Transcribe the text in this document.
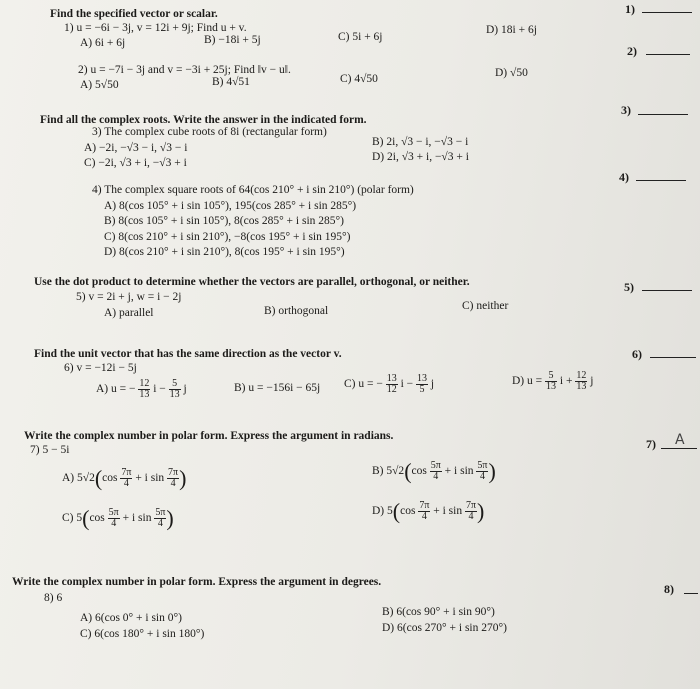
1)
2)
3)
4)
5)
6)
7) A
8)
Find the specified vector or scalar.
1) u = −6i − 3j, v = 12i + 9j; Find u + v.
A) 6i + 6j	B) −18i + 5j	C) 5i + 6j
D) 18i + 6j
2) u = −7i − 3j and v = −3i + 25j; Find ‖v − u‖.
A) 5√50	B) 4√51	C) 4√50	D) √50
Find all the complex roots. Write the answer in the indicated form.
3) The complex cube roots of 8i (rectangular form)
A) −2i, −√3 − i, √3 − i	B) 2i, √3 − i, −√3 − i
C) −2i, √3 + i, −√3 + i	D) 2i, √3 + i, −√3 + i
4) The complex square roots of 64(cos 210° + i sin 210°) (polar form)
A) 8(cos 105° + i sin 105°), 195(cos 285° + i sin 285°)
B) 8(cos 105° + i sin 105°), 8(cos 285° + i sin 285°)
C) 8(cos 210° + i sin 210°), −8(cos 195° + i sin 195°)
D) 8(cos 210° + i sin 210°), 8(cos 195° + i sin 195°)
Use the dot product to determine whether the vectors are parallel, orthogonal, or neither.
5) v = 2i + j, w = i − 2j
A) parallel	B) orthogonal	C) neither
Find the unit vector that has the same direction as the vector v.
6) v = −12i − 5j
A) u = − $\frac{12}{13}$ $i - \frac{5}{13}$ j	B) u = −156i − 65j C) u = − $\frac{13}{12}$ $i - \frac{13}{5}$ j	D) $u = \frac{5}{13}$ $i + \frac{12}{13}$ j
Write the complex number in polar form. Express the argument in radians.
7) 5 − 5i
A) $5√2(\cos \frac{7\pi}{4} + i$ $\sin \frac{7\pi}{4}$ )	B) $5√2(\cos \frac{5\pi}{4} + i$ $\sin \frac{5\pi}{4}$ )
C) $5(\cos \frac{5\pi}{4} + i$ $\sin \frac{5\pi}{4}$ )	D) $5(\cos \frac{7\pi}{4} + i$ $\sin \frac{7\pi}{4}$ )
Write the complex number in polar form. Express the argument in degrees.
8) 6
A) 6(cos 0° + i sin 0°)	B) 6(cos 90° + i sin 90°)
C) 6(cos 180° + i sin 180°)	D) 6(cos 270° + i sin 270°)
